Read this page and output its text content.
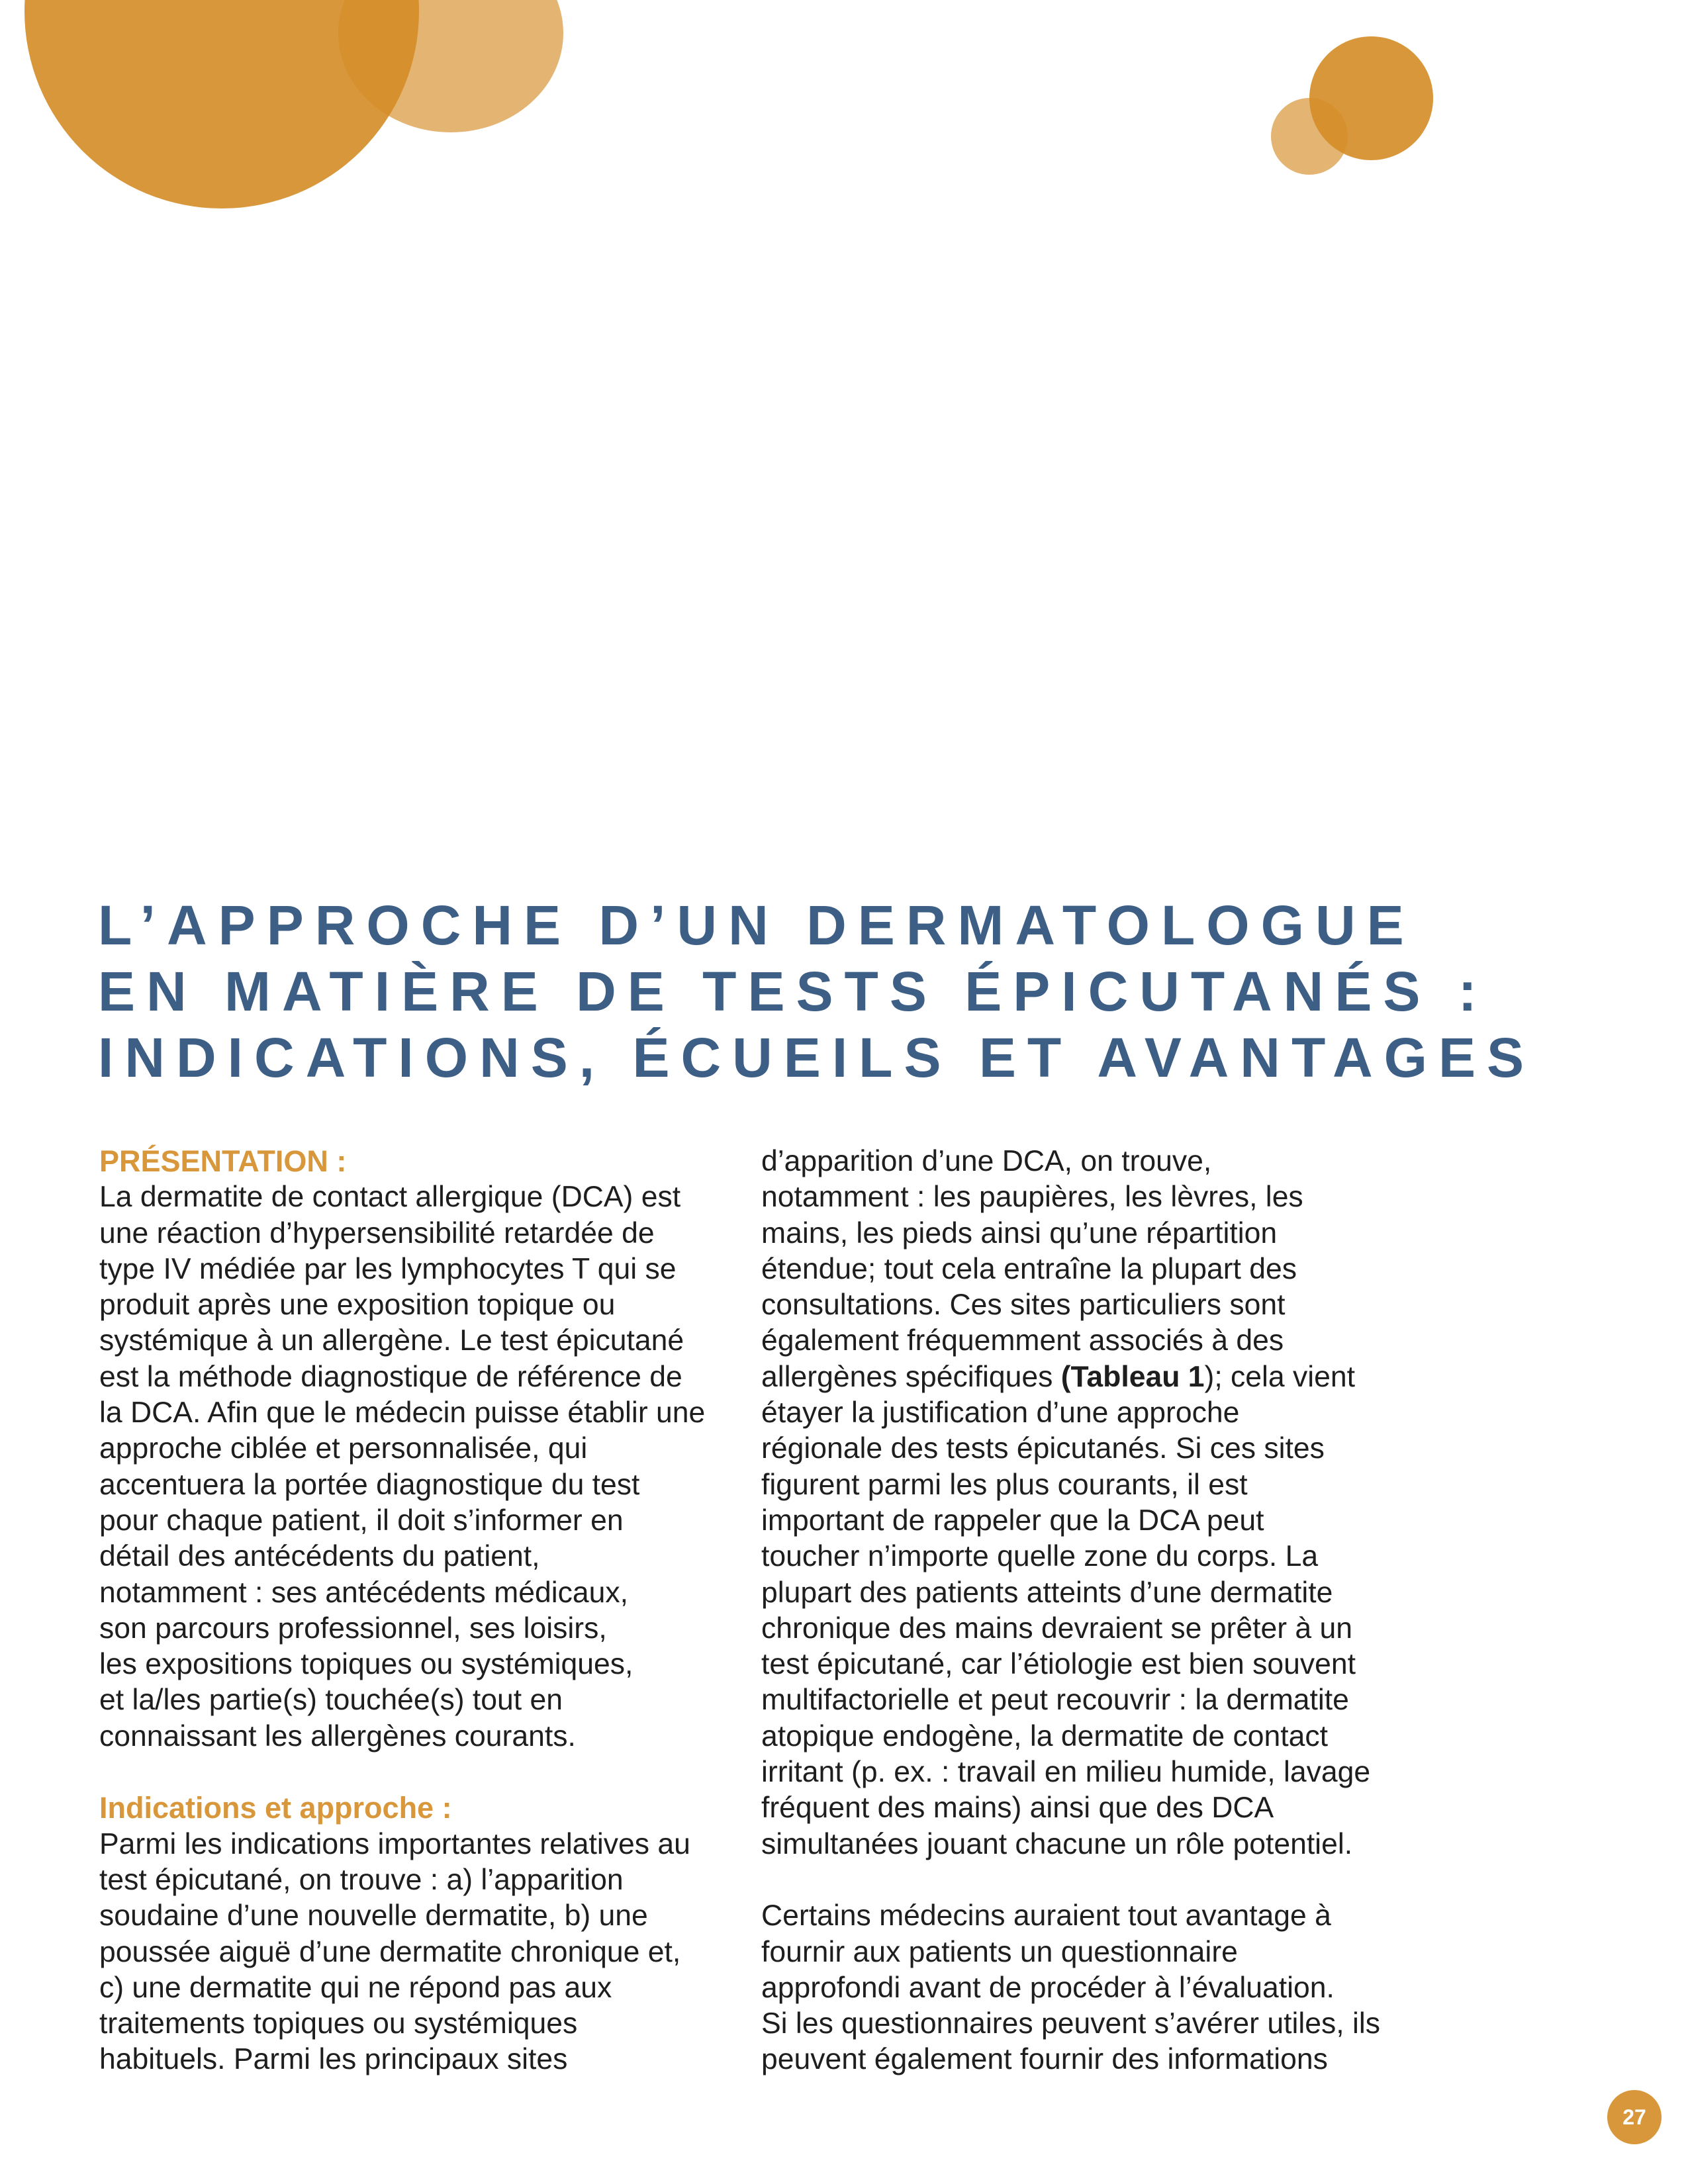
L’APPROCHE D’UN DERMATOLOGUE
EN MATIÈRE DE TESTS ÉPICUTANÉS :
INDICATIONS, ÉCUEILS ET AVANTAGES
PRÉSENTATION :
La dermatite de contact allergique (DCA) est
une réaction d’hypersensibilité retardée de
type IV médiée par les lymphocytes T qui se
produit après une exposition topique ou
systémique à un allergène. Le test épicutané
est la méthode diagnostique de référence de
la DCA. Afin que le médecin puisse établir une
approche ciblée et personnalisée, qui
accentuera la portée diagnostique du test
pour chaque patient, il doit s’informer en
détail des antécédents du patient,
notamment : ses antécédents médicaux,
son parcours professionnel, ses loisirs,
les expositions topiques ou systémiques,
et la/les partie(s) touchée(s) tout en
connaissant les allergènes courants.
Indications et approche :
Parmi les indications importantes relatives au
test épicutané, on trouve : a) l’apparition
soudaine d’une nouvelle dermatite, b) une
poussée aiguë d’une dermatite chronique et,
c) une dermatite qui ne répond pas aux
traitements topiques ou systémiques
habituels. Parmi les principaux sites
d’apparition d’une DCA, on trouve,
notamment : les paupières, les lèvres, les
mains, les pieds ainsi qu’une répartition
étendue; tout cela entraîne la plupart des
consultations. Ces sites particuliers sont
également fréquemment associés à des
allergènes spécifiques (Tableau 1); cela vient
étayer la justification d’une approche
régionale des tests épicutanés. Si ces sites
figurent parmi les plus courants, il est
important de rappeler que la DCA peut
toucher n’importe quelle zone du corps. La
plupart des patients atteints d’une dermatite
chronique des mains devraient se prêter à un
test épicutané, car l’étiologie est bien souvent
multifactorielle et peut recouvrir : la dermatite
atopique endogène, la dermatite de contact
irritant (p. ex. : travail en milieu humide, lavage
fréquent des mains) ainsi que des DCA
simultanées jouant chacune un rôle potentiel.
Certains médecins auraient tout avantage à
fournir aux patients un questionnaire
approfondi avant de procéder à l’évaluation.
Si les questionnaires peuvent s’avérer utiles, ils
peuvent également fournir des informations
27
